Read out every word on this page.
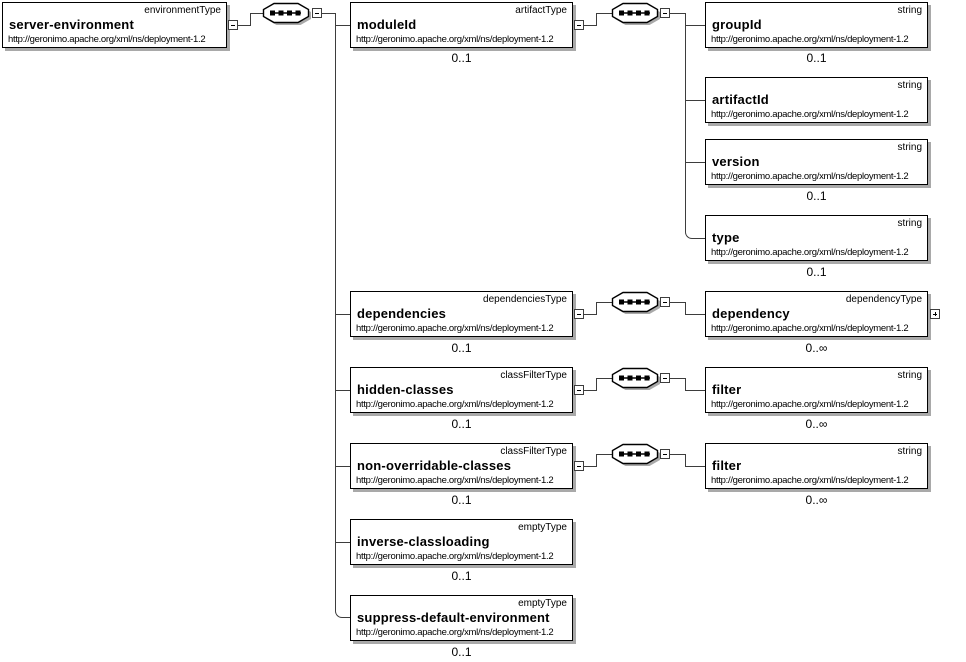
environmentType
server-environment
http://geronimo.apache.org/xml/ns/deployment-1.2
artifactType
moduleId
http://geronimo.apache.org/xml/ns/deployment-1.2
0..1
dependenciesType
dependencies
http://geronimo.apache.org/xml/ns/deployment-1.2
0..1
classFilterType
hidden-classes
http://geronimo.apache.org/xml/ns/deployment-1.2
0..1
classFilterType
non-overridable-classes
http://geronimo.apache.org/xml/ns/deployment-1.2
0..1
emptyType
inverse-classloading
http://geronimo.apache.org/xml/ns/deployment-1.2
0..1
emptyType
suppress-default-environment
http://geronimo.apache.org/xml/ns/deployment-1.2
0..1
string
groupId
http://geronimo.apache.org/xml/ns/deployment-1.2
0..1
string
artifactId
http://geronimo.apache.org/xml/ns/deployment-1.2
string
version
http://geronimo.apache.org/xml/ns/deployment-1.2
0..1
string
type
http://geronimo.apache.org/xml/ns/deployment-1.2
0..1
dependencyType
dependency
http://geronimo.apache.org/xml/ns/deployment-1.2
0..∞
string
filter
http://geronimo.apache.org/xml/ns/deployment-1.2
0..∞
string
filter
http://geronimo.apache.org/xml/ns/deployment-1.2
0..∞
